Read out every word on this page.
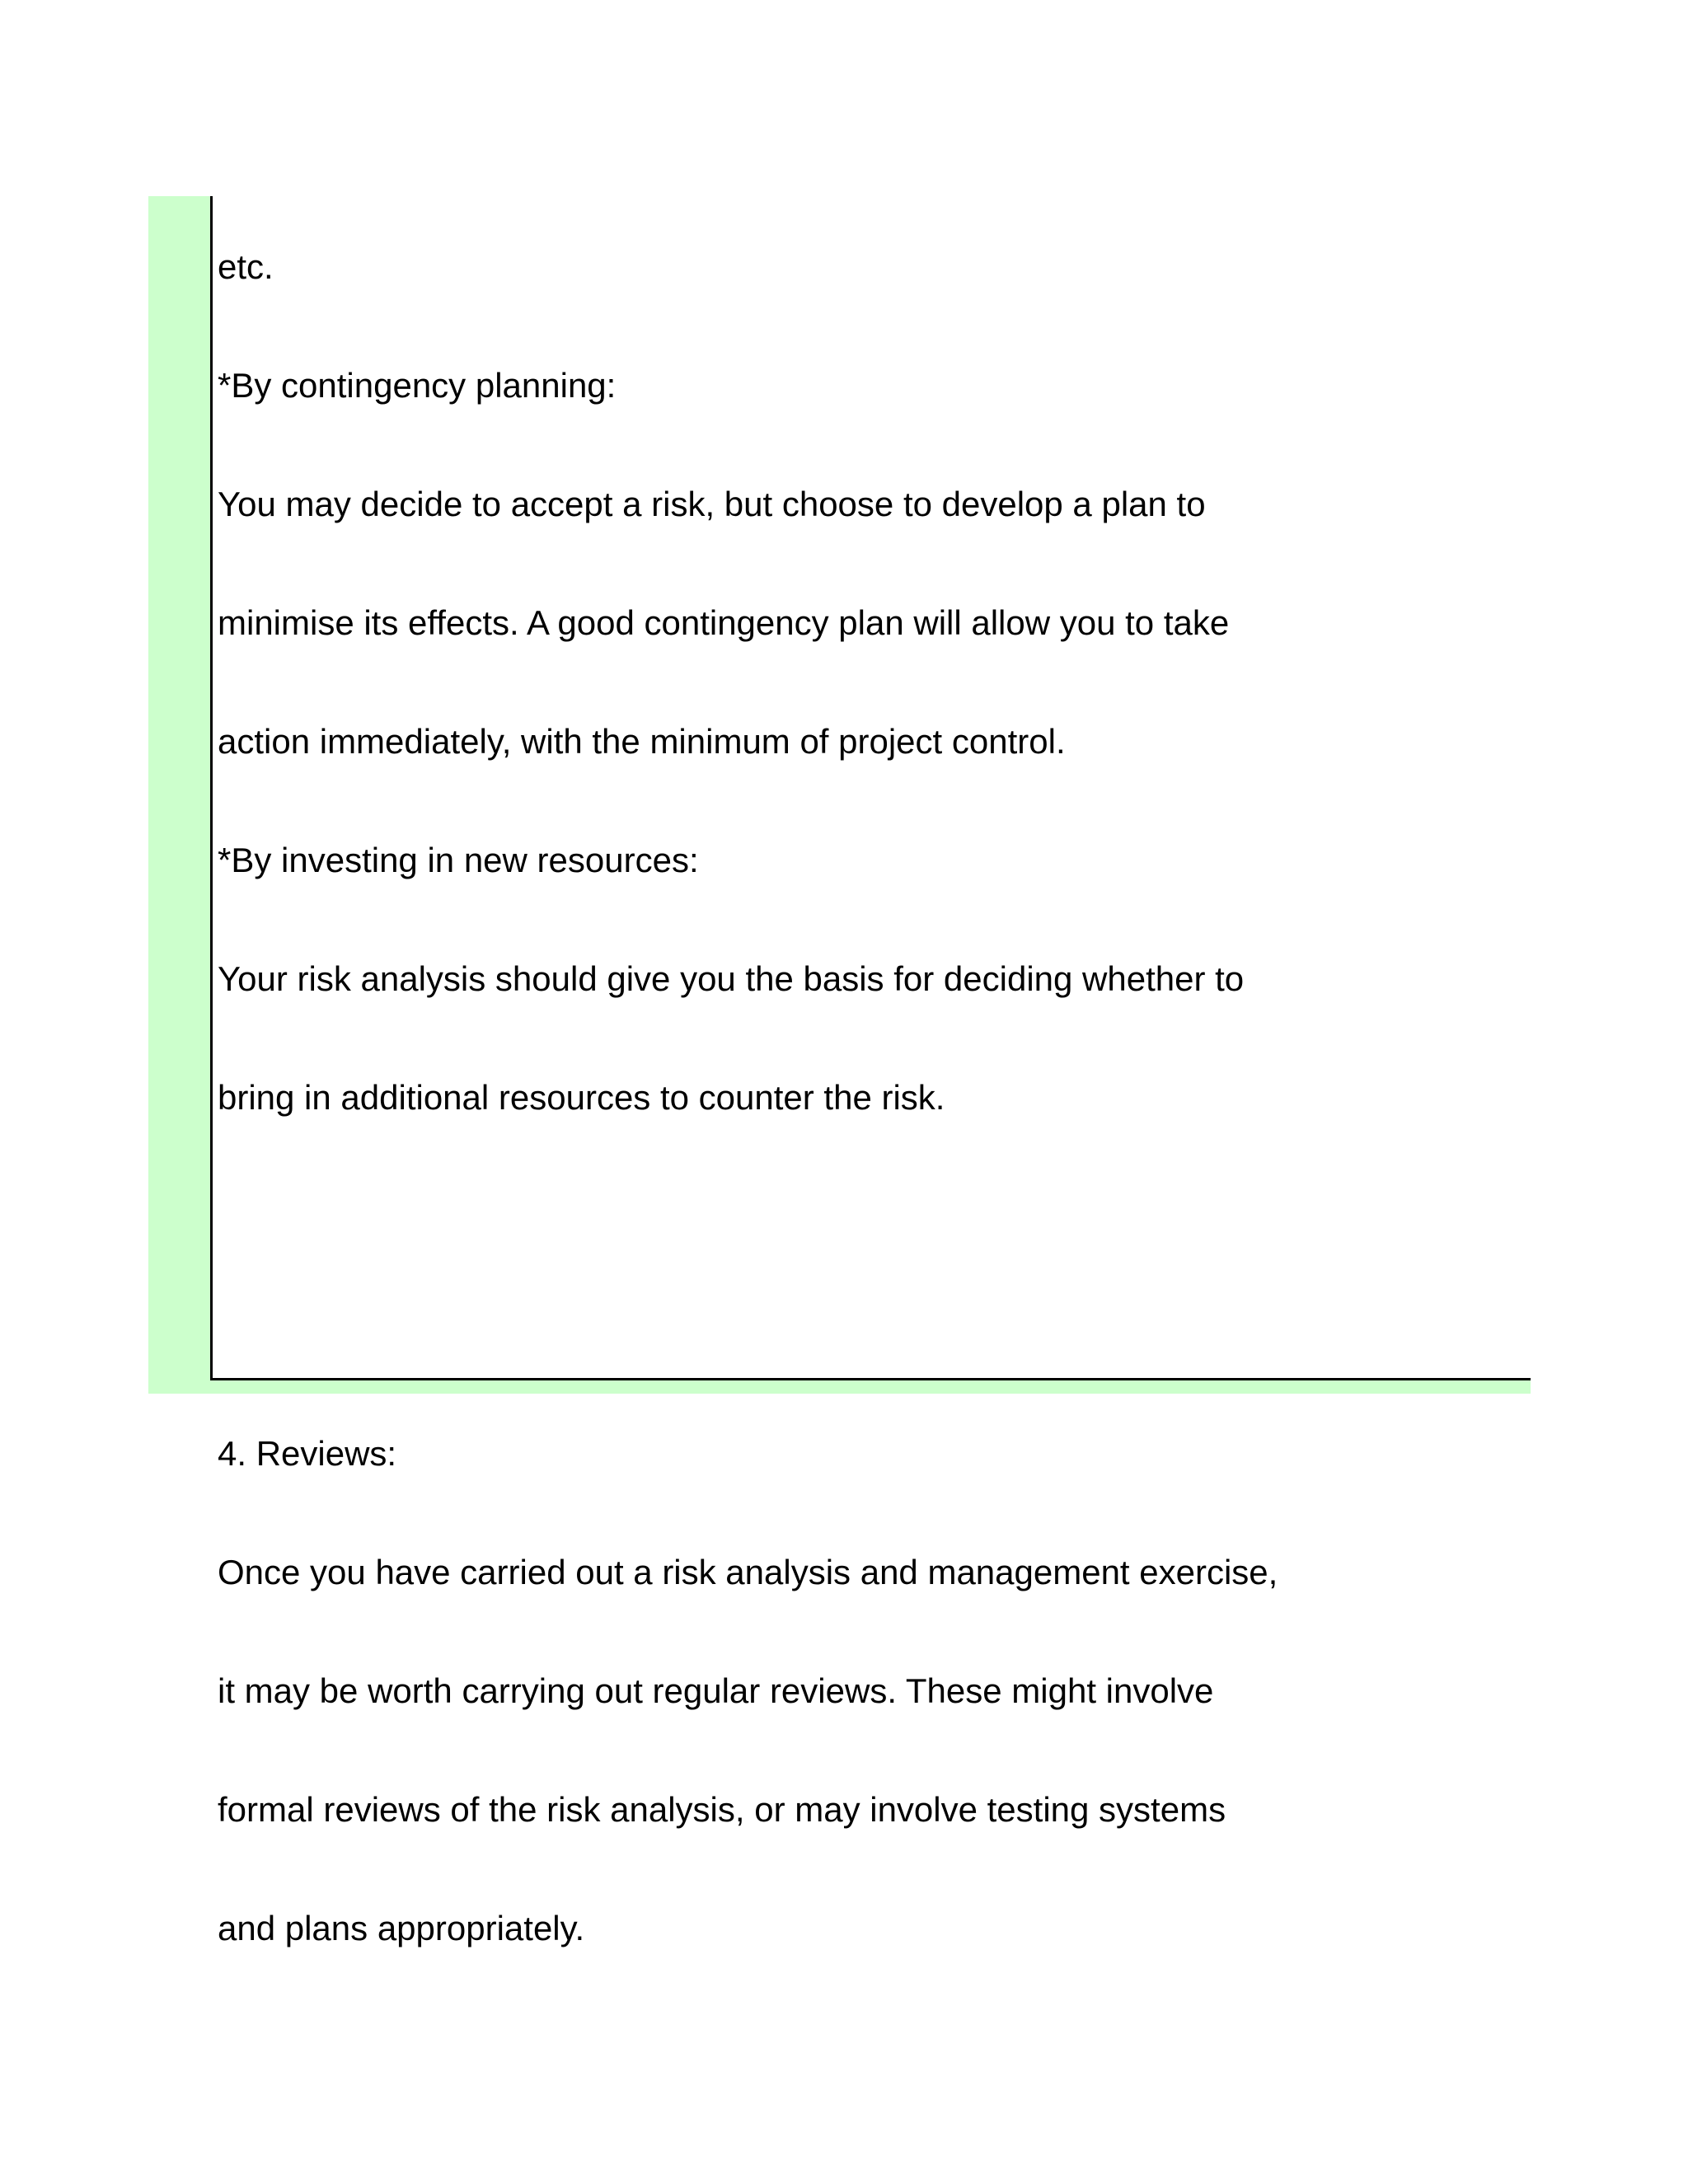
etc.

*By contingency planning:

You may decide to accept a risk, but choose to develop a plan to

minimise its effects. A good contingency plan will allow you to take

action immediately, with the minimum of project control.

*By investing in new resources:

Your risk analysis should give you the basis for deciding whether to

bring in additional resources to counter the risk.

4. Reviews:

Once you have carried out a risk analysis and management exercise,

it may be worth carrying out regular reviews. These might involve

formal reviews of the risk analysis, or may involve testing systems

and plans appropriately.
